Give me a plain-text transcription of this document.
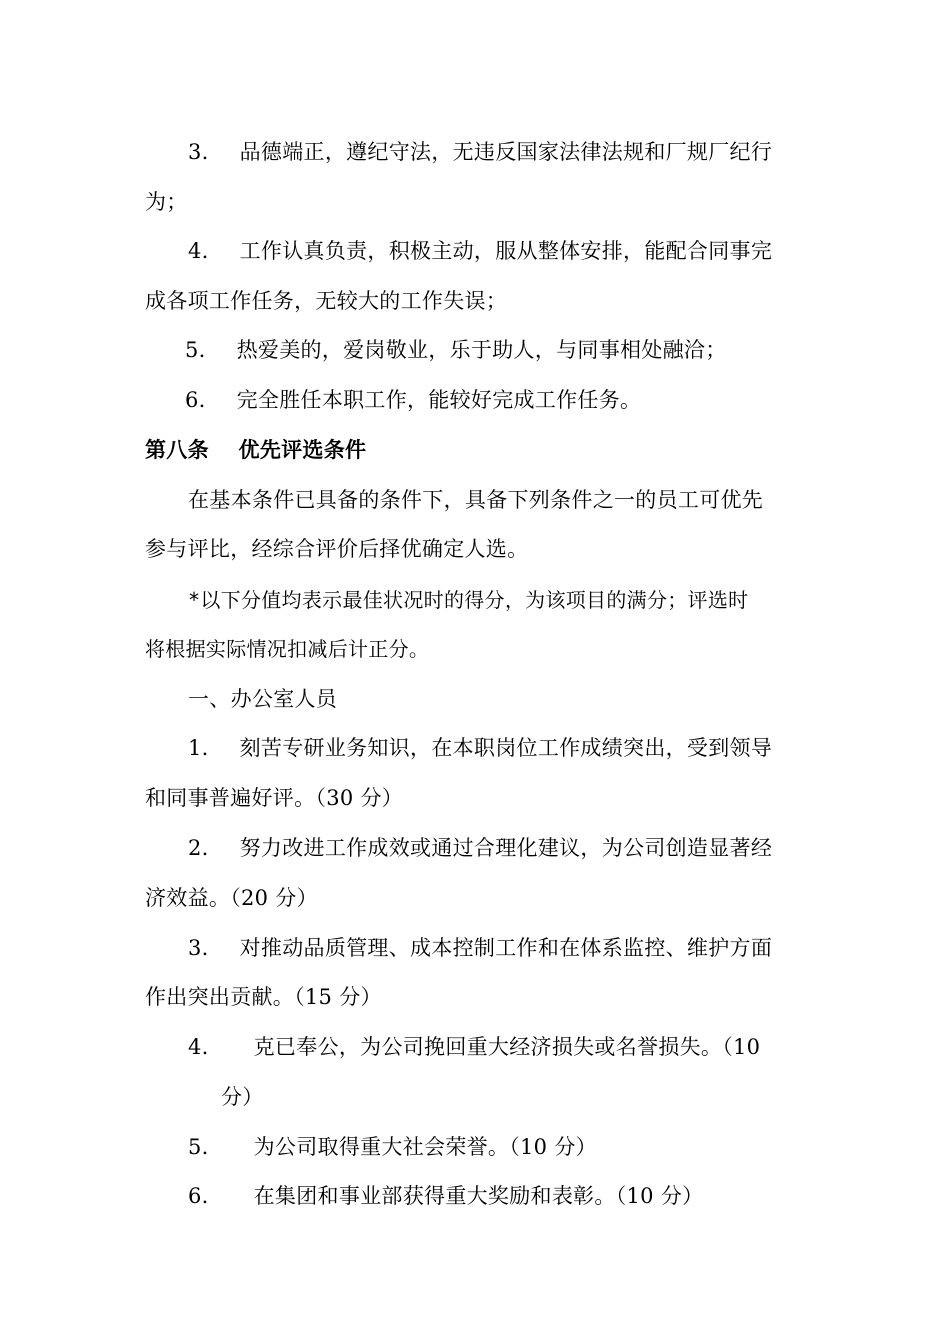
3. 品德端正，遵纪守法，无违反国家法律法规和厂规厂纪行
为；
4. 工作认真负责，积极主动，服从整体安排，能配合同事完
成各项工作任务，无较大的工作失误；
5. 热爱美的，爱岗敬业，乐于助人，与同事相处融洽；
6. 完全胜任本职工作，能较好完成工作任务。
第八条 优先评选条件
在基本条件已具备的条件下，具备下列条件之一的员工可优先
参与评比，经综合评价后择优确定人选。
*以下分值均表示最佳状况时的得分，为该项目的满分；评选时
将根据实际情况扣减后计正分。
一、办公室人员
1. 刻苦专研业务知识，在本职岗位工作成绩突出，受到领导
和同事普遍好评。（30 分）
2. 努力改进工作成效或通过合理化建议，为公司创造显著经
济效益。（20 分）
3. 对推动品质管理、成本控制工作和在体系监控、维护方面
作出突出贡献。（15 分）
4. 克已奉公，为公司挽回重大经济损失或名誉损失。（10
分）
5. 为公司取得重大社会荣誉。（10 分）
6. 在集团和事业部获得重大奖励和表彰。（10 分）
